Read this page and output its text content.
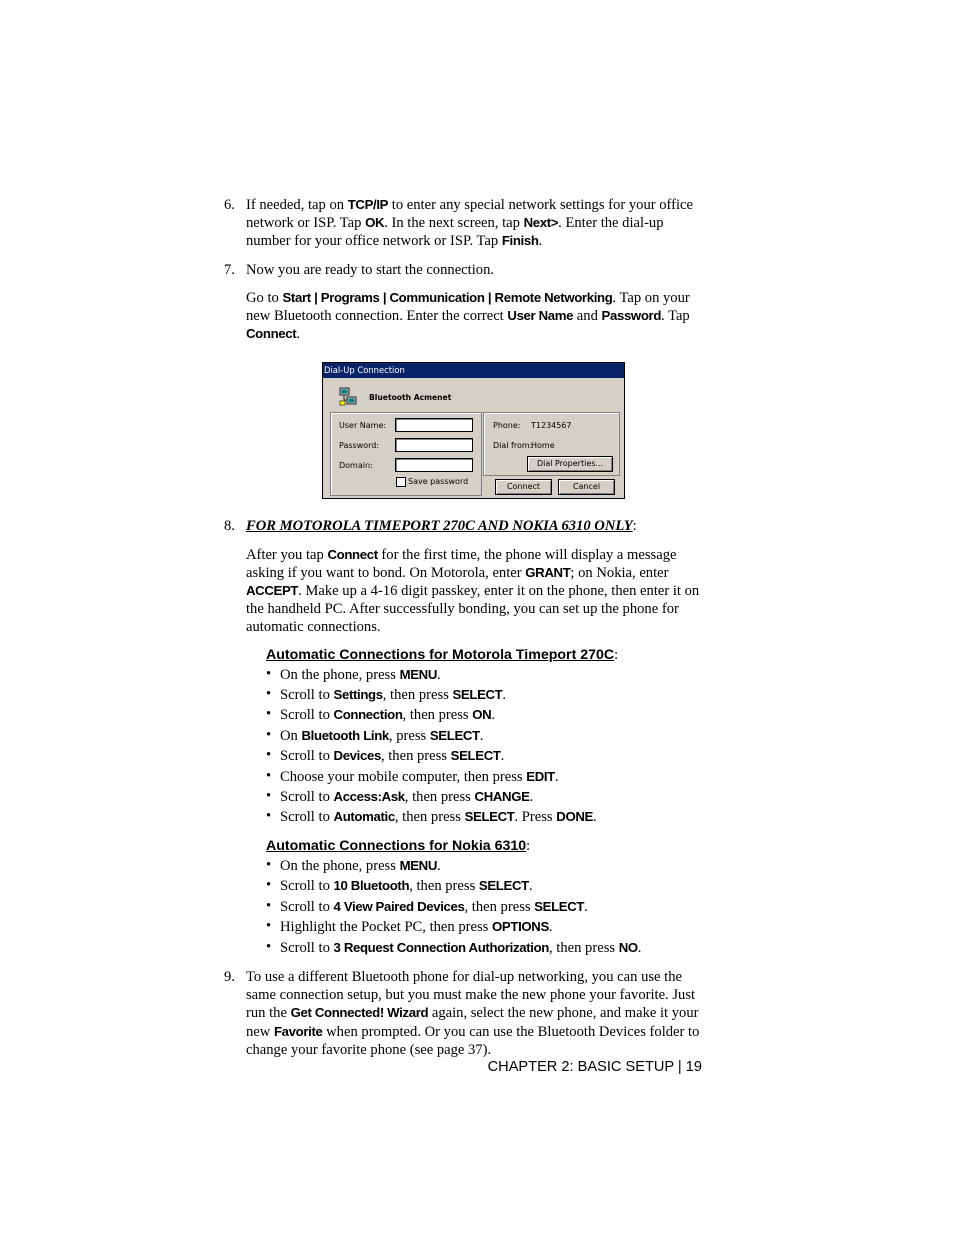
6. If needed, tap on TCP/IP to enter any special network settings for your office network or ISP. Tap OK. In the next screen, tap Next>. Enter the dial-up number for your office network or ISP. Tap Finish.

7. Now you are ready to start the connection.

Go to Start | Programs | Communication | Remote Networking. Tap on your new Bluetooth connection. Enter the correct User Name and Password. Tap Connect.

8. FOR MOTOROLA TIMEPORT 270C AND NOKIA 6310 ONLY:

After you tap Connect for the first time, the phone will display a message asking if you want to bond. On Motorola, enter GRANT; on Nokia, enter ACCEPT. Make up a 4-16 digit passkey, enter it on the phone, then enter it on the handheld PC. After successfully bonding, you can set up the phone for automatic connections.

Automatic Connections for Motorola Timeport 270C:

• On the phone, press MENU.
• Scroll to Settings, then press SELECT.
• Scroll to Connection, then press ON.
• On Bluetooth Link, press SELECT.
• Scroll to Devices, then press SELECT.
• Choose your mobile computer, then press EDIT.
• Scroll to Access:Ask, then press CHANGE.
• Scroll to Automatic, then press SELECT. Press DONE.

Automatic Connections for Nokia 6310:

• On the phone, press MENU.
• Scroll to 10 Bluetooth, then press SELECT.
• Scroll to 4 View Paired Devices, then press SELECT.
• Highlight the Pocket PC, then press OPTIONS.
• Scroll to 3 Request Connection Authorization, then press NO.
9. To use a different Bluetooth phone for dial-up networking, you can use the same connection setup, but you must make the new phone your favorite. Just run the Get Connected! Wizard again, select the new phone, and make it your new Favorite when prompted. Or you can use the Bluetooth Devices folder to change your favorite phone (see page 37).

Dial-Up Connection
Bluetooth Acmenet
User Name:
Password:
Domain:
Save password
Phone: T1234567
Dial from:
Home
Dial Properties...
Connect	Cancel
CHAPTER 2: BASIC SETUP | 19
